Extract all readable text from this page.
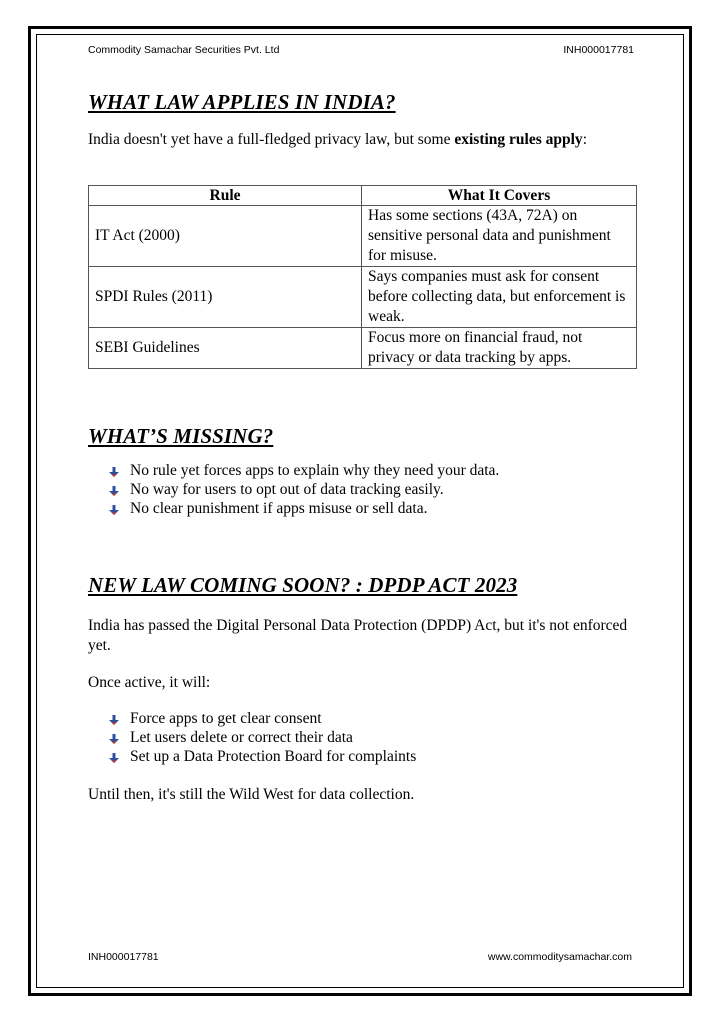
Commodity Samachar Securities Pvt. Ltd	INH000017781
WHAT LAW APPLIES IN INDIA?

India doesn't yet have a full-fledged privacy law, but some existing rules apply:

Rule	What It Covers
IT Act (2000)	Has some sections (43A, 72A) on sensitive personal data and punishment for misuse.
SPDI Rules (2011)	Says companies must ask for consent before collecting data, but enforcement is weak.
SEBI Guidelines	Focus more on financial fraud, not privacy or data tracking by apps.
WHAT’S MISSING?
No rule yet forces apps to explain why they need your data.
No way for users to opt out of data tracking easily.
No clear punishment if apps misuse or sell data.
NEW LAW COMING SOON? : DPDP ACT 2023

India has passed the Digital Personal Data Protection (DPDP) Act, but it's not enforced yet.

Once active, it will:

Force apps to get clear consent
Let users delete or correct their data
Set up a Data Protection Board for complaints

Until then, it's still the Wild West for data collection.

INH000017781	www.commoditysamachar.com
